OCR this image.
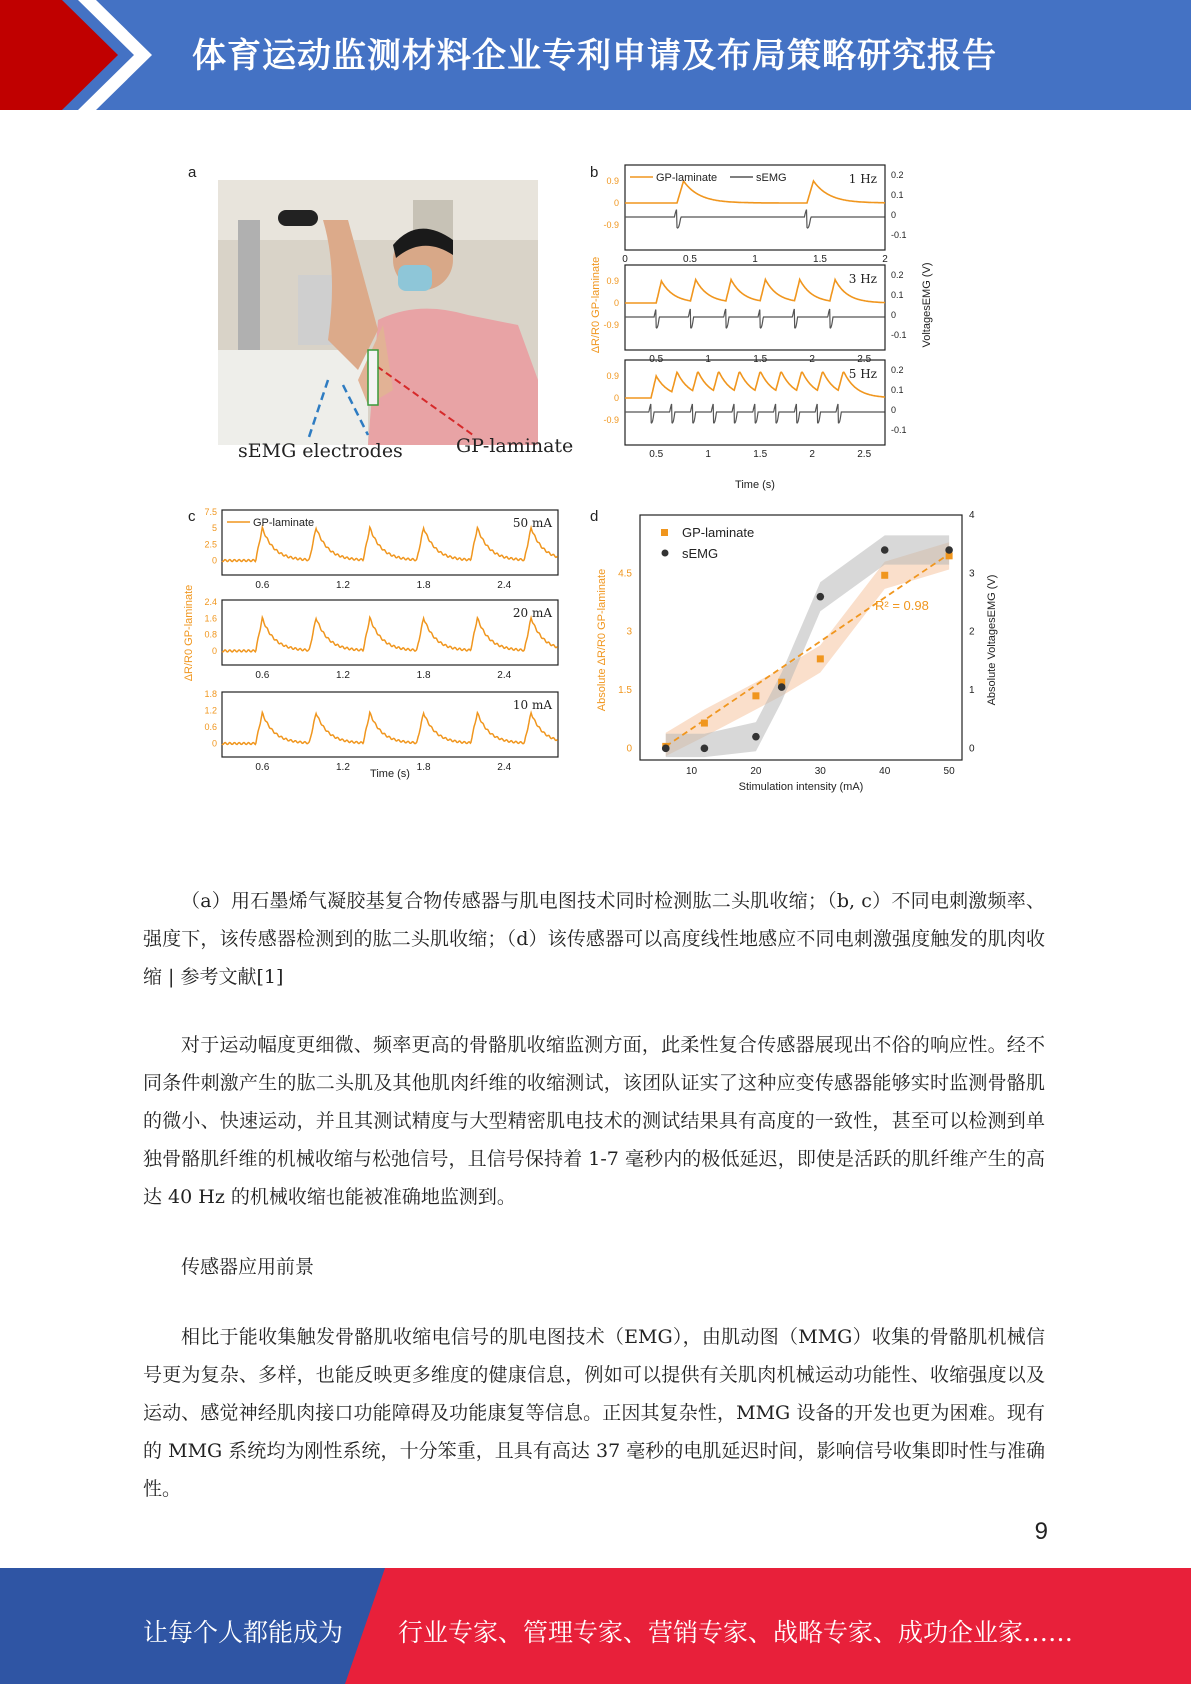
体育运动监测材料企业专利申请及布局策略研究报告
a	b
c	d
sEMG electrodes	GP-laminate
0.9
0
-0.9
0.2
0.1
0
-0.1
0	0.5	1	1.5	2
1 Hz
0.9
0
-0.9
0.2
0.1
0
-0.1
0.5	1	1.5	2	2.5
3 Hz
0.9
0
-0.9
0.2
0.1
0
-0.1
0.5	1	1.5	2	2.5
5 Hz
GP-laminate	sEMG
Time (s)
ΔR/R0 GP-laminate	VoltagesEMG (V)
7.5
5
2.5
0
0.6	1.2	1.8	2.4
50 mA
2.4
1.6
0.8
0
0.6	1.2	1.8	2.4
20 mA
1.8
1.2
0.6
0
0.6	1.2	1.8	2.4
10 mA
GP-laminate
Time (s)
ΔR/R0 GP-laminate
10	20	30	40	50
0
1.5
3
4.5
0
1
2
3
4
GP-laminate
sEMG
R² = 0.98
Stimulation intensity (mA)
Absolute ΔR/R0 GP-laminate	Absolute VoltagesEMG (V)
（a）用石墨烯气凝胶基复合物传感器与肌电图技术同时检测肱二头肌收缩；（b, c）不同电刺激频率、强度下，该传感器检测到的肱二头肌收缩；（d）该传感器可以高度线性地感应不同电刺激强度触发的肌肉收缩 | 参考文献[1]
对于运动幅度更细微、频率更高的骨骼肌收缩监测方面，此柔性复合传感器展现出不俗的响应性。经不同条件刺激产生的肱二头肌及其他肌肉纤维的收缩测试，该团队证实了这种应变传感器能够实时监测骨骼肌的微小、快速运动，并且其测试精度与大型精密肌电技术的测试结果具有高度的一致性，甚至可以检测到单独骨骼肌纤维的机械收缩与松弛信号，且信号保持着 1-7 毫秒内的极低延迟，即使是活跃的肌纤维产生的高达 40 Hz 的机械收缩也能被准确地监测到。
传感器应用前景
相比于能收集触发骨骼肌收缩电信号的肌电图技术（EMG），由肌动图（MMG）收集的骨骼肌机械信号更为复杂、多样，也能反映更多维度的健康信息，例如可以提供有关肌肉机械运动功能性、收缩强度以及运动、感觉神经肌肉接口功能障碍及功能康复等信息。正因其复杂性，MMG 设备的开发也更为困难。现有的 MMG 系统均为刚性系统，十分笨重，且具有高达 37 毫秒的电肌延迟时间，影响信号收集即时性与准确性。
9
让每个人都能成为 行业专家、管理专家、营销专家、战略专家、成功企业家……
